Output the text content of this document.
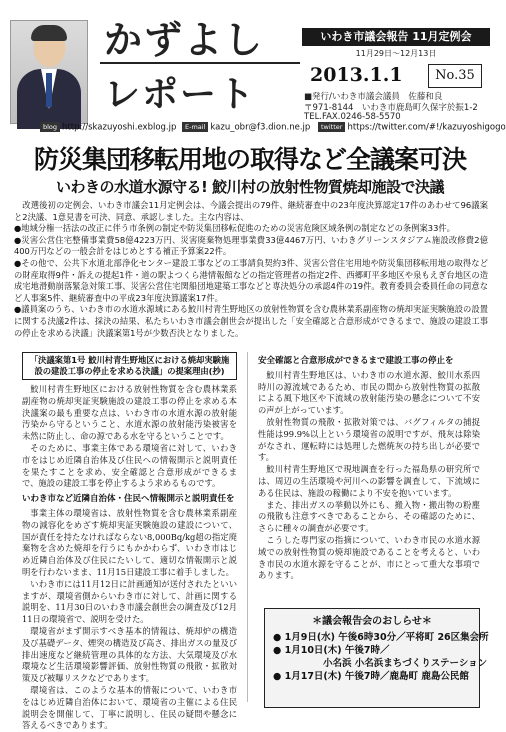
かずよし
レポート
いわき市議会報告 11月定例会
11月29日～12月13日
2013.1.1	No.35
■発行/いわき市議会議員　佐藤和良
〒971-8144　いわき市鹿島町久保字於振1-2
TEL.FAX.0246-58-5570
blog http://skazuyoshi.exblog.jp	E-mail kazu_obr@f3.dion.ne.jp	twitter https://twitter.com/#!/kazuyoshigogo
防災集団移転用地の取得など全議案可決
いわきの水道水源守る! 鮫川村の放射性物質焼却施設で決議

改選後初の定例会、いわき市議会11月定例会は、今議会提出の79件、継続審査中の23年度決算認定17件のあわせて96議案と2決議、1意見書を可決、同意、承認しました。主な内容は、

●地域分権一括法の改正に伴う市条例の制定や防災集団移転促進のための災害危険区域条例の制定などの条例案33件。

●災害公営住宅整備事業費58億4223万円、災害廃棄物処理事業費33億4467万円、いわきグリーンスタジアム施設改修費2億400万円などの一般会計をはじめとする補正予算案22件。

●その他で、公共下水道北部浄化センター建設工事などの工事請負契約3件、災害公営住宅用地や防災集団移転用地の取得などの財産取得9件・訴えの提起1件・道の駅よつくら港情報館などの指定管理者の指定2件、西郷町平多地区や泉もえぎ台地区の造成宅地滑動崩落緊急対策工事、災害公営住宅関船団地建築工事などと専決処分の承認4件の19件。教育委員会委員任命の同意など人事案5件、継続審査中の平成23年度決算議案17件。

●議員案のうち、いわき市の水道水源域にある鮫川村青生野地区の放射性物質を含む農林業系副産物の焼却実証実験施設の設置に関する決議2件は、採決の結果、私たちいわき市議会創世会が提出した「安全確認と合意形成ができるまで、施設の建設工事の停止を求める決議」決議案第1号が少数否決となりました。

「決議案第1号 鮫川村青生野地区における焼却実験施設の建設工事の停止を求める決議」の提案理由(抄)

鮫川村青生野地区における放射性物質を含む農林業系副産物の焼却実証実験施設の建設工事の停止を求める本決議案の最も重要な点は、いわき市の水道水源の放射能汚染から守るということ、水道水源の放射能汚染被害を未然に防止し、命の源である水を守るということです。

そのために、事業主体である環境省に対して、いわき市をはじめ近隣自治体及び住民への情報開示と説明責任を果たすことを求め、安全確認と合意形成ができるまで、施設の建設工事を停止するよう求めるものです。

いわき市など近隣自治体・住民へ情報開示と説明責任を

事業主体の環境省は、放射性物質を含む農林業系副産物の減容化をめざす焼却実証実験施設の建設について、国が責任を持たなければならない8,000Bq/kg超の指定廃棄物を含めた焼却を行うにもかかわらず、いわき市はじめ近隣自治体及び住民にたいして、適切な情報開示と説明を行わないまま、11月15日建設工事に着手しました。

いわき市には11月12日に計画通知が送付されたといいますが、環境省側からいわき市に対して、計画に関する説明を、11月30日のいわき市議会創世会の調査及び12月11日の環境省で、説明を受けた。

環境省がまず開示すべき基本的情報は、焼却炉の構造及び基礎データ、煙突の構造及び高さ、排出ガスの量及び排出速度など継続管理の具体的な方法、大気環境及び水環境など生活環境影響評価、放射性物質の飛散・拡散対策及び被曝リスクなどであります。

環境省は、このような基本的情報について、いわき市をはじめ近隣自治体において、環境省の主催による住民説明会を開催して、丁寧に説明し、住民の疑問や懸念に答えるべきであります。

安全確認と合意形成ができるまで建設工事の停止を

鮫川村青生野地区は、いわき市の水道水源、鮫川水系四時川の源流域であるため、市民の間から放射性物質の拡散による風下地区や下流域の放射能汚染の懸念について不安の声が上がっています。

放射性物質の飛散・拡散対策では、バグフィルタの捕捉性能は99.9%以上という環境省の説明ですが、飛灰は除染がなされ、運転時には処理した燃焼灰の持ち出しが必要です。

鮫川村青生野地区で現地調査を行った福島県の研究所では、周辺の生活環境や河川への影響を調査して、下流域にある住民は、施設の稼働により不安を抱いています。

また、排出ガスの挙動以外にも、搬入物・搬出物の粉塵の飛散も注意すべきであることから、その確認のために、さらに種々の調査が必要です。

こうした専門家の指摘について、いわき市民の水道水源域での放射性物質の焼却施設であることを考えると、いわき市民の水道水源を守ることが、市にとって重大な事項であります。

＊議会報告会のおしらせ＊
● 1月9日(水) 午後6時30分／平将町 26区集会所
● 1月10日(木) 午後7時／
小名浜 小名浜まちづくりステーション
● 1月17日(木) 午後7時／鹿島町 鹿島公民館
